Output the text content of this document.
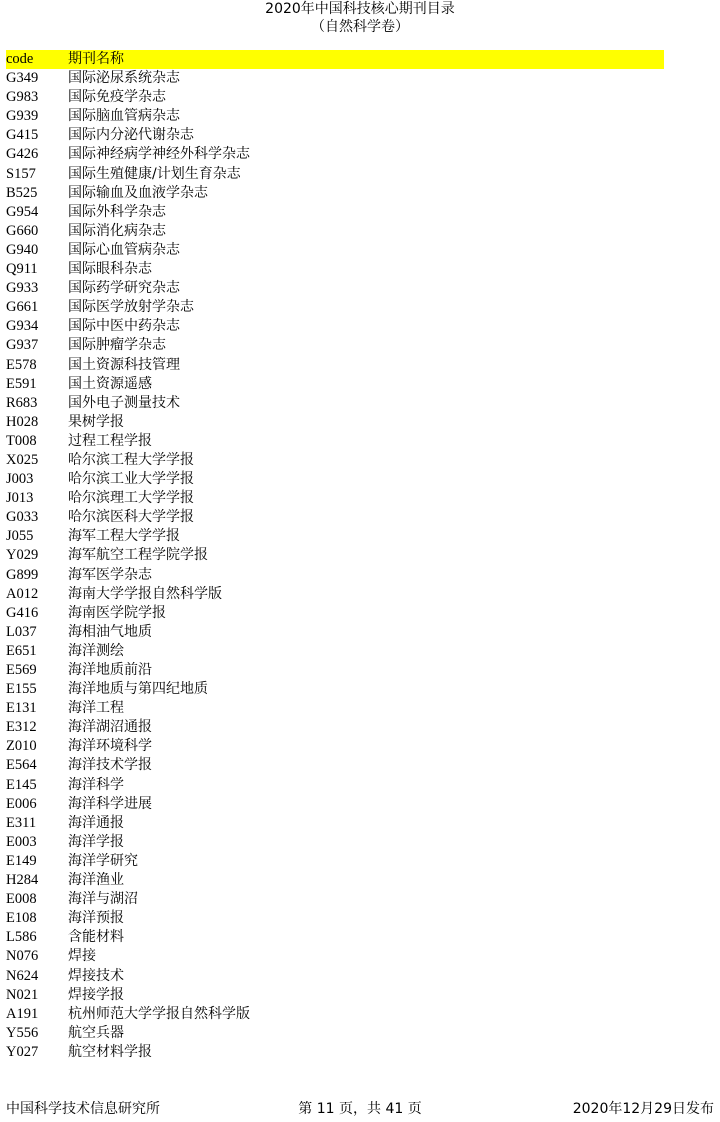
2020年中国科技核心期刊目录
（自然科学卷）
code	期刊名称
G349	国际泌尿系统杂志
G983	国际免疫学杂志
G939	国际脑血管病杂志
G415	国际内分泌代谢杂志
G426	国际神经病学神经外科学杂志
S157	国际生殖健康/计划生育杂志
B525	国际输血及血液学杂志
G954	国际外科学杂志
G660	国际消化病杂志
G940	国际心血管病杂志
Q911	国际眼科杂志
G933	国际药学研究杂志
G661	国际医学放射学杂志
G934	国际中医中药杂志
G937	国际肿瘤学杂志
E578	国土资源科技管理
E591	国土资源遥感
R683	国外电子测量技术
H028	果树学报
T008	过程工程学报
X025	哈尔滨工程大学学报
J003	哈尔滨工业大学学报
J013	哈尔滨理工大学学报
G033	哈尔滨医科大学学报
J055	海军工程大学学报
Y029	海军航空工程学院学报
G899	海军医学杂志
A012	海南大学学报自然科学版
G416	海南医学院学报
L037	海相油气地质
E651	海洋测绘
E569	海洋地质前沿
E155	海洋地质与第四纪地质
E131	海洋工程
E312	海洋湖沼通报
Z010	海洋环境科学
E564	海洋技术学报
E145	海洋科学
E006	海洋科学进展
E311	海洋通报
E003	海洋学报
E149	海洋学研究
H284	海洋渔业
E008	海洋与湖沼
E108	海洋预报
L586	含能材料
N076	焊接
N624	焊接技术
N021	焊接学报
A191	杭州师范大学学报自然科学版
Y556	航空兵器
Y027	航空材料学报
中国科学技术信息研究所	第 11 页，共 41 页	2020年12月29日发布
